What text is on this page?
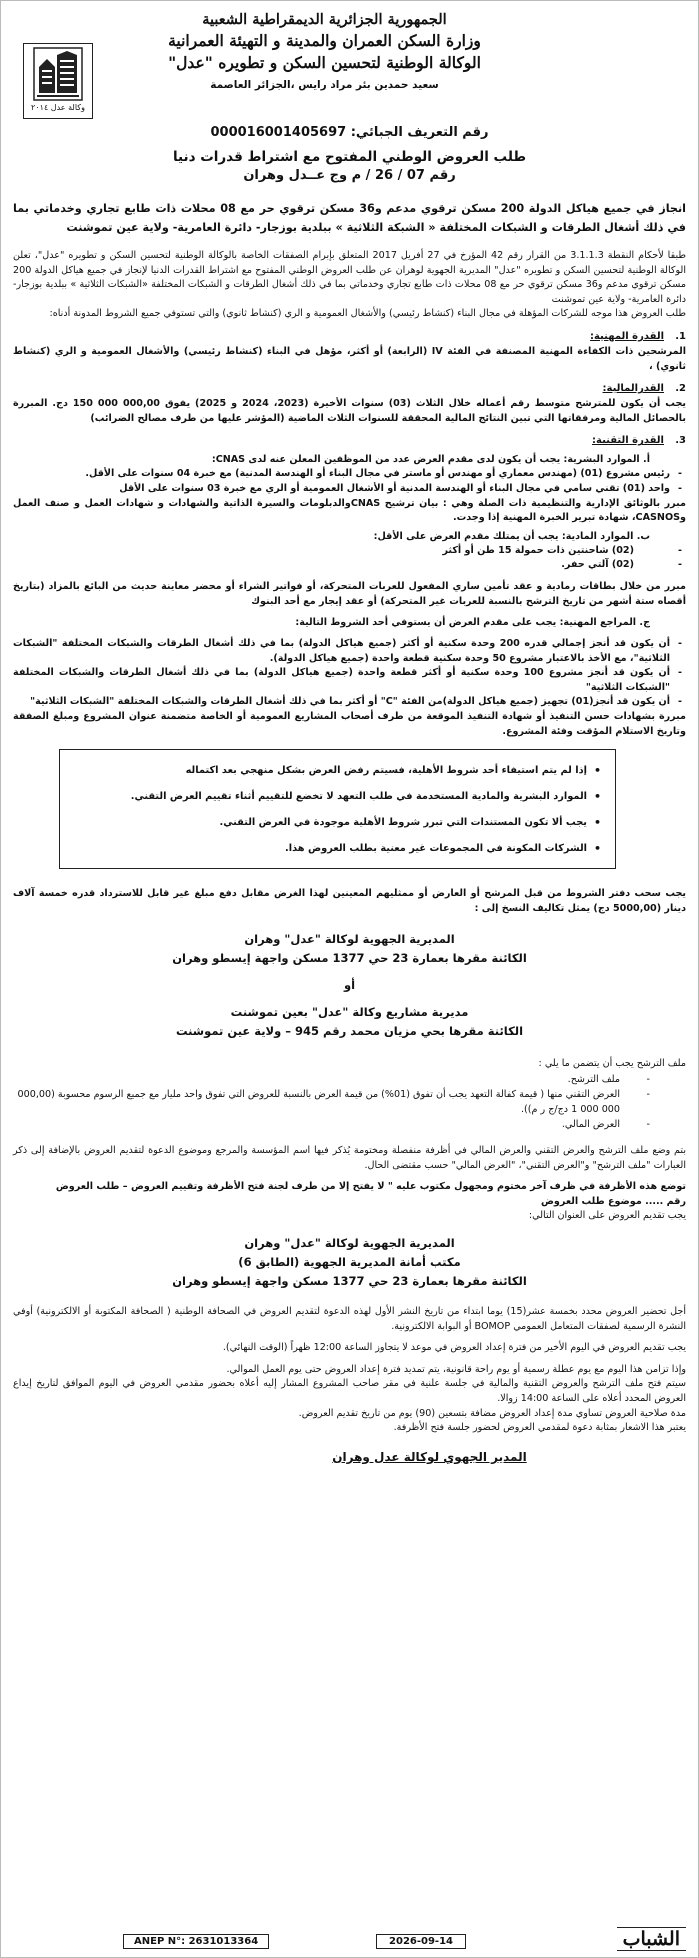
وكالة عدل ٢٠١٤
الجمهورية الجزائرية الديمقراطية الشعبية
وزارة السكن العمران والمدينة و التهيئة العمرانية
الوكالة الوطنية لتحسين السكن و تطويره "عدل"
سعيد حمدين بئر مراد رايس ،الجزائر العاصمة
رقم التعريف الجبائي: 000016001405697
طلب العروض الوطني المفتوح مع اشتراط قدرات دنيا
رقم 07 / 26 / م وج عــدل وهران
انجاز في جميع هياكل الدولة 200 مسكن ترقوي مدعم و36 مسكن ترقوي حر مع 08 محلات ذات طابع تجاري وخدماتي بما في ذلك أشغال الطرقات و الشبكات المختلفة « الشبكة الثلاثية » ببلدية بوزجار- دائرة العامرية- ولاية عين تموشنت

طبقا لأحكام النقطة 3.1.1.3 من القرار رقم 42 المؤرخ في 27 أفريل 2017 المتعلق بإبرام الصفقات الخاصة بالوكالة الوطنية لتحسين السكن و تطويره "عدل"، تعلن الوكالة الوطنية لتحسين السكن و تطويره "عدل" المديرية الجهوية لوهران عن طلب العروض الوطني المفتوح مع اشتراط القدرات الدنيا لإنجاز في جميع هياكل الدولة 200 مسكن ترقوي مدعم و36 مسكن ترقوي حر مع 08 محلات ذات طابع تجاري وخدماتي بما في ذلك أشغال الطرقات و الشبكات المختلفة «الشبكات الثلاثية » ببلدية بوزجار- دائرة العامرية- ولاية عين تموشنت

طلب العروض هذا موجه للشركات المؤهلة في مجال البناء (كنشاط رئيسي) والأشغال العمومية و الري (كنشاط ثانوي) والتي تستوفي جميع الشروط المدونة أدناه:

1.القدرة المهنية:

المرشحين ذات الكفاءة المهنية المصنفة في الفئة IV (الرابعة) أو أكثر، مؤهل في البناء (كنشاط رئيسي) والأشغال العمومية و الري (كنشاط ثانوي) ،

2.القدرالمالية:

يجب أن يكون للمترشح متوسط رقم أعماله خلال الثلاث (03) سنوات الأخيرة (2023، 2024 و 2025) يفوق 000,00 000 150 دج. المبررة بالحصائل المالية ومرفقاتها التي تبين النتائج المالية المحققة للسنوات الثلاث الماضية (المؤشر عليها من طرف مصالح الضرائب)

3.القدرة التقنية:
أ. الموارد البشرية: يجب أن يكون لدى مقدم العرض عدد من الموظفين المعلن عنه لدى CNAS:
- رئيس مشروع (01) (مهندس معماري أو مهندس أو ماستر في مجال البناء أو الهندسة المدنية) مع خبرة 04 سنوات على الأقل.
- واحد (01) تقني سامي في مجال البناء أو الهندسة المدنية أو الأشغال العمومية أو الري مع خبرة 03 سنوات على الأقل

مبرر بالوثائق الإدارية والتنظيمية ذات الصلة وهي : بيان ترشيح CNASوالدبلومات والسيرة الذاتية والشهادات و شهادات العمل و صنف العمل وCASNOS، شهادة تبرير الخبرة المهنية إذا وجدت.

ب. الموارد المادية: يجب أن يمتلك مقدم العرض على الأقل:
- (02) شاحنتين ذات حمولة 15 طن أو أكثر
- (02) آلتي حفر.

مبرر من خلال بطاقات رمادية و عقد تأمين ساري المفعول للعربات المتحركة، أو فواتير الشراء أو محضر معاينة حديث من البائع بالمزاد (بتاريخ أقصاه ستة أشهر من تاريخ الترشح بالنسبة للعربات غير المتحركة) أو عقد إيجار مع أحد البنوك

ج. المراجع المهنية: يجب على مقدم العرض أن يستوفي أحد الشروط التالية:
- أن يكون قد أنجز إجمالي قدره 200 وحدة سكنية أو أكثر (جميع هياكل الدولة) بما في ذلك أشغال الطرقات والشبكات المختلفة "الشبكات الثلاثية"، مع الأخذ بالاعتبار مشروع 50 وحدة سكنية قطعة واحدة (جميع هياكل الدولة).
- أن يكون قد أنجز مشروع 100 وحدة سكنية أو أكثر قطعة واحدة (جميع هياكل الدولة) بما في ذلك أشغال الطرقات والشبكات المختلفة "الشبكات الثلاثية"
- أن يكون قد أنجز(01) تجهيز (جميع هياكل الدولة)من الفئة "C" أو أكثر بما في ذلك أشغال الطرقات والشبكات المختلفة "الشبكات الثلاثية"

مبررة بشهادات حسن التنفيذ أو شهادة التنفيذ الموقعة من طرف أصحاب المشاريع العمومية أو الخاصة متضمنة عنوان المشروع ومبلغ الصفقة وتاريخ الاستلام المؤقت وفئة المشروع.

• إذا لم يتم استيفاء أحد شروط الأهلية، فسيتم رفض العرض بشكل منهجي بعد اكتماله
• الموارد البشرية والمادية المستخدمة في طلب التعهد لا تخضع للتقييم أثناء تقييم العرض التقني.
• يجب ألا تكون المستندات التي تبرر شروط الأهلية موجودة في العرض التقني.
• الشركات المكونة في المجموعات غير معنية بطلب العروض هذا.

يجب سحب دفتر الشروط من قبل المرشح أو العارض أو ممثليهم المعينين لهذا الغرض مقابل دفع مبلغ غير قابل للاسترداد قدره خمسة آلاف دينار (5000,00 دج) يمثل تكاليف النسخ إلى :

المديرية الجهوية لوكالة "عدل" وهران
الكائنة مقرها بعمارة 23 حي 1377 مسكن واجهة إيسطو وهران
أو
مديرية مشاريع وكالة "عدل" بعين تموشنت
الكائنة مقرها بحي مزيان محمد رقم 945 – ولاية عين تموشنت

ملف الترشح يجب أن يتضمن ما يلي :

-
ملف الترشح.
-
العرض التقني منها ( قيمة كفالة التعهد يجب أن تفوق (01%) من قيمة العرض بالنسبة للعروض التي تفوق واحد مليار مع جميع الرسوم محسوبة (000,00 000 000 1 دج/ج ر م)).
-
العرض المالي.

بتم وضع ملف الترشح والعرض التقني والعرض المالي في أظرفة منفصلة ومختومة يُذكر فيها اسم المؤسسة والمرجع وموضوع الدعوة لتقديم العروض بالإضافة إلى ذكر العبارات "ملف الترشح" و"العرض التقني"، "العرض المالي" حسب مقتضى الحال.

توضع هذه الأظرفة في ظرف آخر مختوم ومجهول مكتوب عليه " لا يفتح إلا من طرف لجنة فتح الأظرفة وتقييم العروض – طلب العروض

رقم ..... موضوع طلب العروض

يجب تقديم العروض على العنوان التالي:

المديرية الجهوية لوكالة "عدل" وهران
مكتب أمانة المديرية الجهوية (الطابق 6)
الكائنة مقرها بعمارة 23 حي 1377 مسكن واجهة إيسطو وهران

أجل تحضير العروض محدد بخمسة عشر(15) يوما ابتداء من تاريخ النشر الأول لهذه الدعوة لتقديم العروض في الصحافة الوطنية ( الصحافة المكتوبة أو الالكترونية) أوفي النشرة الرسمية لصفقات المتعامل العمومي BOMOP أو البوابة الالكترونية.

يجب تقديم العروض في اليوم الأخير من فترة إعداد العروض في موعد لا يتجاوز الساعة 12:00 ظهراً (الوقت النهائي).

وإذا تزامن هذا اليوم مع يوم عطلة رسمية أو يوم راحة قانونية، يتم تمديد فترة إعداد العروض حتى يوم العمل الموالي.

سيتم فتح ملف الترشح والعروض التقنية والمالية في جلسة علنية في مقر صاحب المشروع المشار إليه أعلاه بحضور مقدمي العروض في اليوم الموافق لتاريخ إيداع العروض المحدد أعلاه على الساعة 14:00 زوالا.

مدة صلاحية العروض تساوي مدة إعداد العروض مضافة بتسعين (90) يوم من تاريخ تقديم العروض.

يعتبر هذا الاشعار بمثابة دعوة لمقدمي العروض لحضور جلسة فتح الأظرفة.

المدير الجهوي لوكالة عدل وهران
الشباب
2026-09-14
ANEP N°: 2631013364
